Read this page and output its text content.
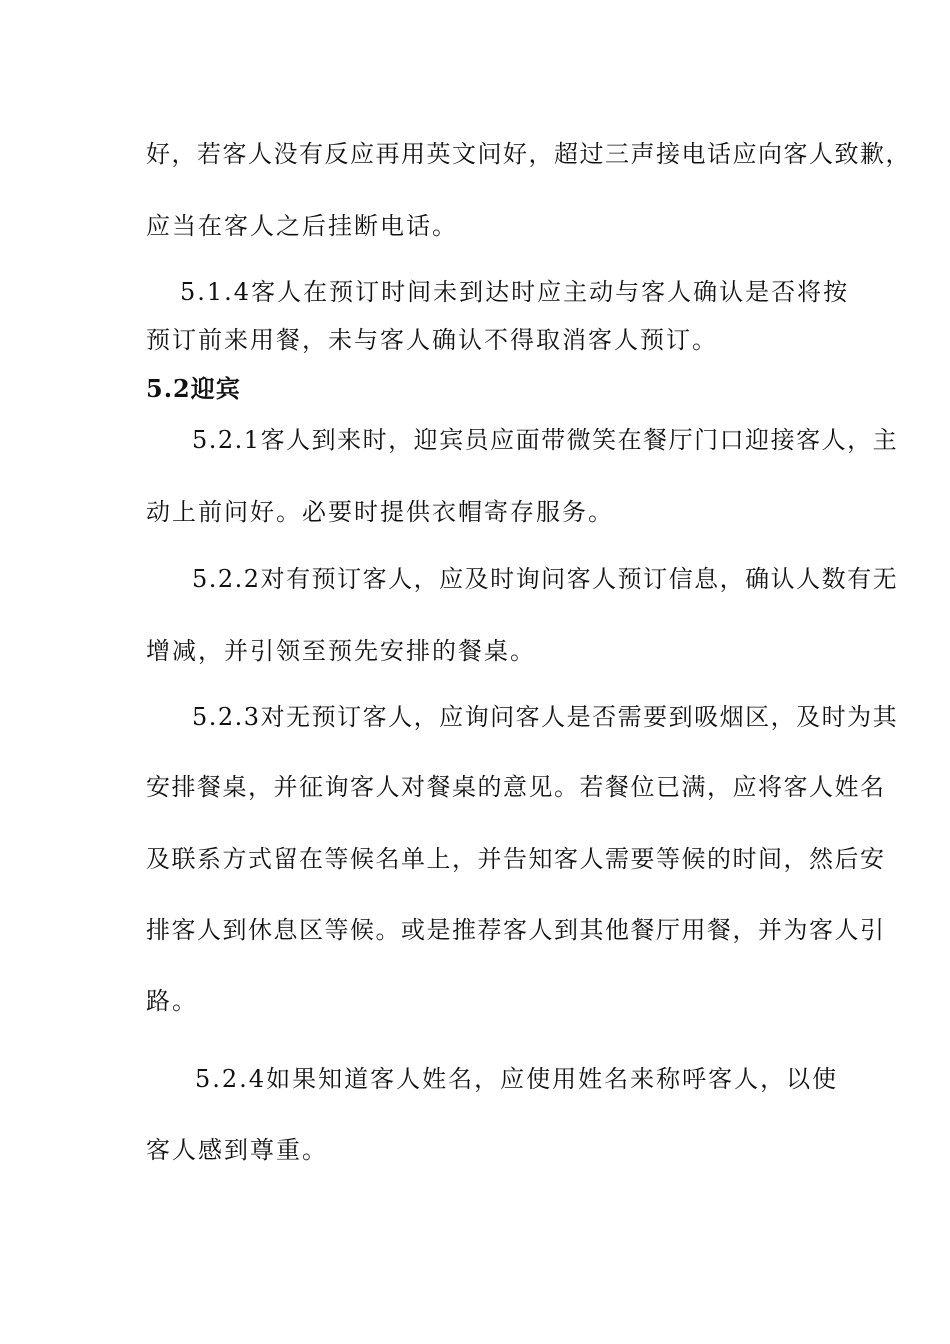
好，若客人没有反应再用英文问好，超过三声接电话应向客人致歉，
应当在客人之后挂断电话。
5.1.4客人在预订时间未到达时应主动与客人确认是否将按
预订前来用餐，未与客人确认不得取消客人预订。
5.2迎宾
5.2.1客人到来时，迎宾员应面带微笑在餐厅门口迎接客人，主
动上前问好。必要时提供衣帽寄存服务。
5.2.2对有预订客人，应及时询问客人预订信息，确认人数有无
增减，并引领至预先安排的餐桌。
5.2.3对无预订客人，应询问客人是否需要到吸烟区，及时为其
安排餐桌，并征询客人对餐桌的意见。若餐位已满，应将客人姓名
及联系方式留在等候名单上，并告知客人需要等候的时间，然后安
排客人到休息区等候。或是推荐客人到其他餐厅用餐，并为客人引
路。
5.2.4如果知道客人姓名，应使用姓名来称呼客人，以使
客人感到尊重。
